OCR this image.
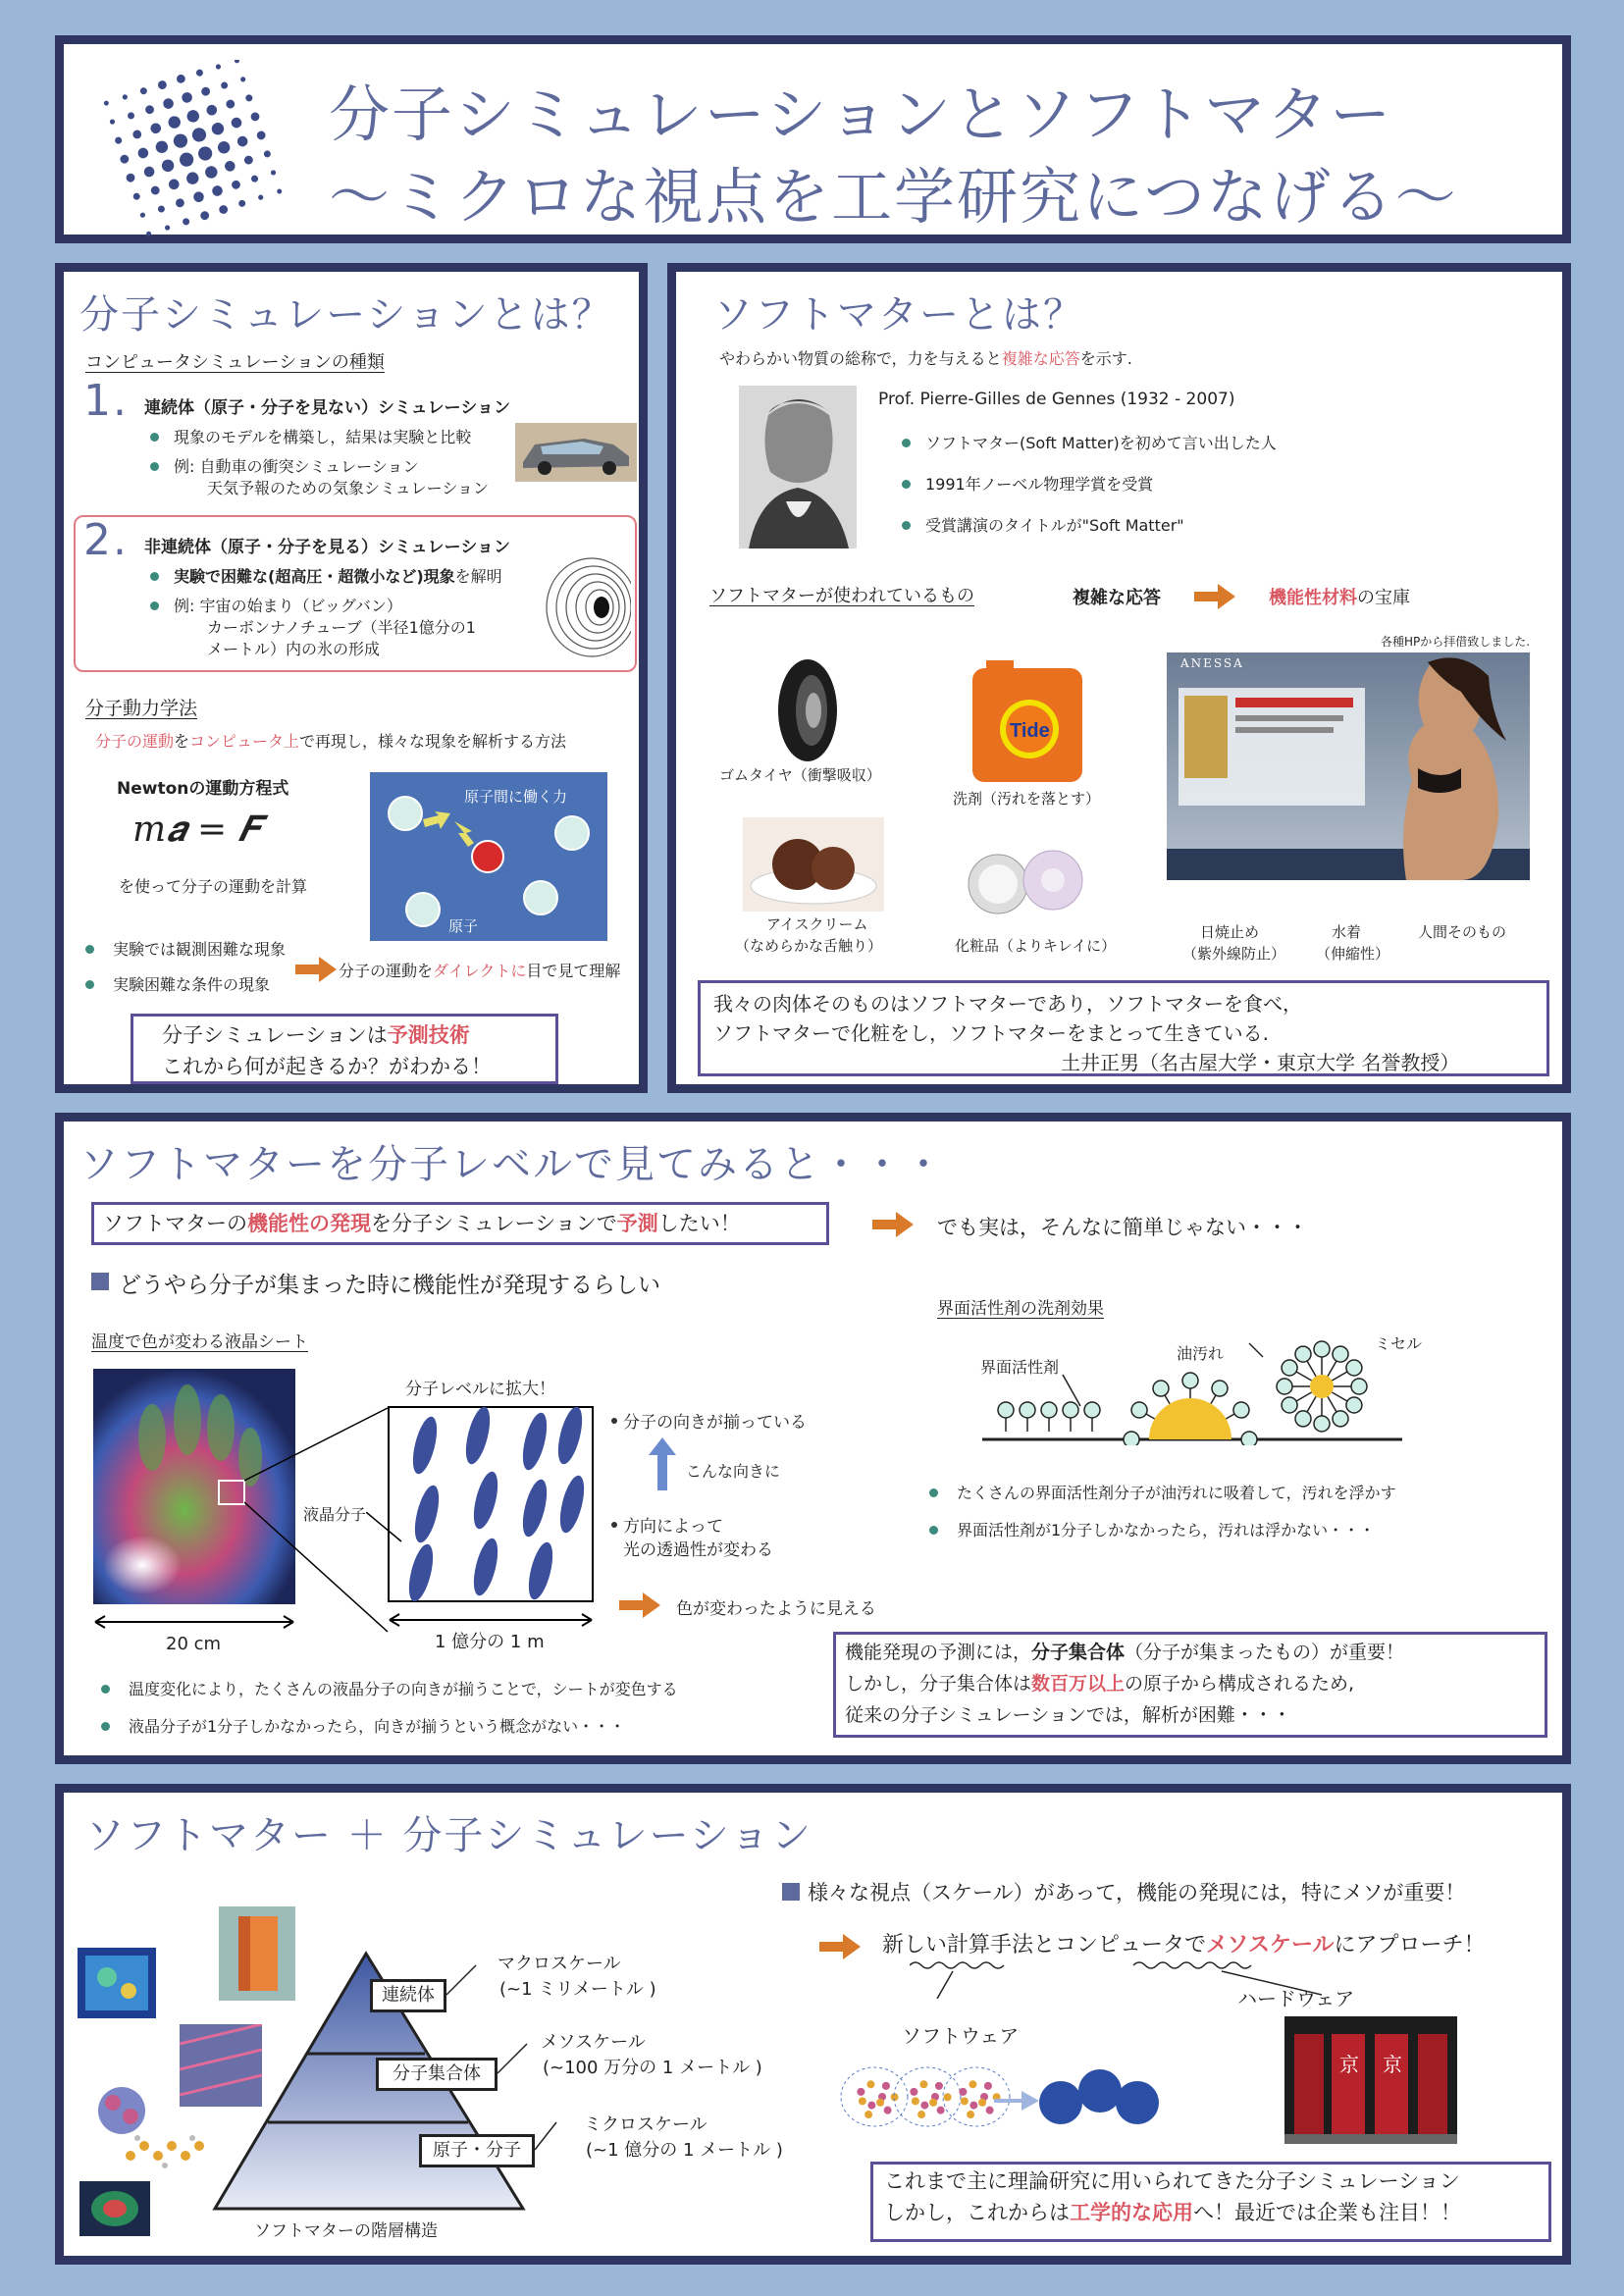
分子シミュレーションとソフトマター
〜ミクロな視点を工学研究につなげる〜
分子シミュレーションとは？
コンピュータシミュレーションの種類
1. 連続体（原子・分子を見ない）シミュレーション
現象のモデルを構築し，結果は実験と比較
例: 自動車の衝突シミュレーション
天気予報のための気象シミュレーション
2. 非連続体（原子・分子を見る）シミュレーション
実験で困難な(超高圧・超微小など)現象を解明
例: 宇宙の始まり（ビッグバン）
カーボンナノチューブ（半径1億分の1
メートル）内の氷の形成
分子動力学法
分子の運動をコンピュータ上で再現し，様々な現象を解析する方法
Newtonの運動方程式
𝑚𝒂 = 𝑭
を使って分子の運動を計算
原子間に働く力
原子
実験では観測困難な現象
実験困難な条件の現象
分子の運動をダイレクトに目で見て理解
分子シミュレーションは予測技術
これから何が起きるか？がわかる！
ソフトマターとは？
やわらかい物質の総称で，力を与えると複雑な応答を示す.
Prof. Pierre-Gilles de Gennes (1932 - 2007)
ソフトマター(Soft Matter)を初めて言い出した人
1991年ノーベル物理学賞を受賞
受賞講演のタイトルが"Soft Matter"
ソフトマターが使われているもの	複雑な応答	機能性材料の宝庫
各種HPから拝借致しました.
ゴムタイヤ（衝撃吸収）
Tide
洗剤（汚れを落とす）
アイスクリーム
（なめらかな舌触り）	化粧品（よりキレイに）
ANESSA
日焼止め
（紫外線防止）
水着
（伸縮性）
人間そのもの
我々の肉体そのものはソフトマターであり，ソフトマターを食べ，
ソフトマターで化粧をし，ソフトマターをまとって生きている.
土井正男（名古屋大学・東京大学 名誉教授）
ソフトマターを分子レベルで見てみると・・・
ソフトマターの機能性の発現を分子シミュレーションで予測したい！	でも実は，そんなに簡単じゃない・・・
どうやら分子が集まった時に機能性が発現するらしい
温度で色が変わる液晶シート
分子レベルに拡大！
液晶分子
20 cm	1 億分の 1 m
分子の向きが揃っている
こんな向きに
方向によって
光の透過性が変わる
色が変わったように見える
温度変化により，たくさんの液晶分子の向きが揃うことで，シートが変色する
液晶分子が1分子しかなかったら，向きが揃うという概念がない・・・
界面活性剤の洗剤効果
界面活性剤
油汚れ
ミセル
たくさんの界面活性剤分子が油汚れに吸着して，汚れを浮かす
界面活性剤が1分子しかなかったら，汚れは浮かない・・・
機能発現の予測には，分子集合体（分子が集まったもの）が重要！
しかし，分子集合体は数百万以上の原子から構成されるため,
従来の分子シミュレーションでは，解析が困難・・・
ソフトマター ＋ 分子シミュレーション
様々な視点（スケール）があって，機能の発現には，特にメソが重要！
新しい計算手法とコンピュータでメソスケールにアプローチ！
ハードウェア
ソフトウェア
京 京
連続体
分子集合体
原子・分子
マクロスケール
(~1 ミリメートル )
メソスケール
(~100 万分の 1 メートル )
ミクロスケール
(~1 億分の 1 メートル )
ソフトマターの階層構造
これまで主に理論研究に用いられてきた分子シミュレーション
しかし，これからは工学的な応用へ！最近では企業も注目！！
